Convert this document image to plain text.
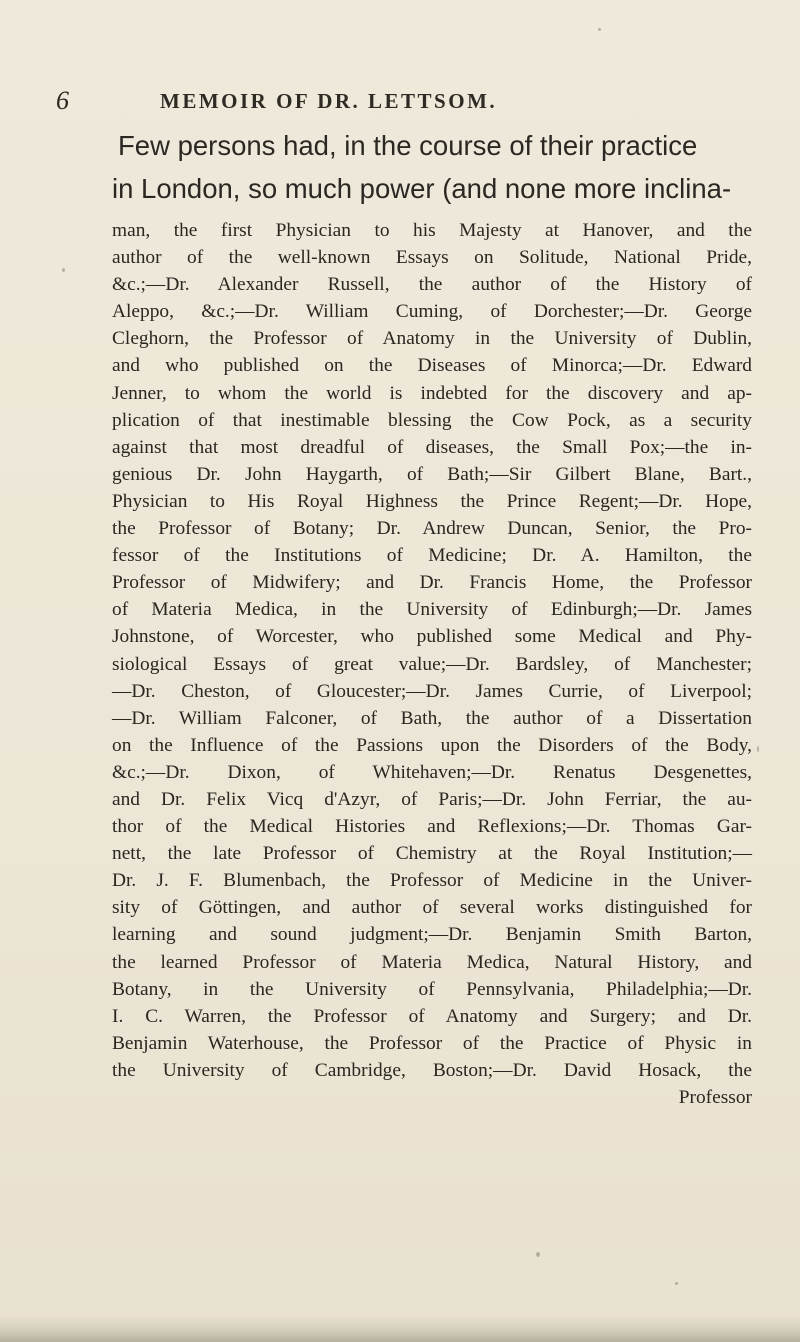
6	MEMOIR OF DR. LETTSOM.
Few persons had, in the course of their practice
in London, so much power (and none more inclina-
man, the first Physician to his Majesty at Hanover, and the
author of the well-known Essays on Solitude, National Pride,
&c.;—Dr. Alexander Russell, the author of the History of
Aleppo, &c.;—Dr. William Cuming, of Dorchester;—Dr. George
Cleghorn, the Professor of Anatomy in the University of Dublin,
and who published on the Diseases of Minorca;—Dr. Edward
Jenner, to whom the world is indebted for the discovery and ap-
plication of that inestimable blessing the Cow Pock, as a security
against that most dreadful of diseases, the Small Pox;—the in-
genious Dr. John Haygarth, of Bath;—Sir Gilbert Blane, Bart.,
Physician to His Royal Highness the Prince Regent;—Dr. Hope,
the Professor of Botany; Dr. Andrew Duncan, Senior, the Pro-
fessor of the Institutions of Medicine; Dr. A. Hamilton, the
Professor of Midwifery; and Dr. Francis Home, the Professor
of Materia Medica, in the University of Edinburgh;—Dr. James
Johnstone, of Worcester, who published some Medical and Phy-
siological Essays of great value;—Dr. Bardsley, of Manchester;
—Dr. Cheston, of Gloucester;—Dr. James Currie, of Liverpool;
—Dr. William Falconer, of Bath, the author of a Dissertation
on the Influence of the Passions upon the Disorders of the Body,
&c.;—Dr. Dixon, of Whitehaven;—Dr. Renatus Desgenettes,
and Dr. Felix Vicq d'Azyr, of Paris;—Dr. John Ferriar, the au-
thor of the Medical Histories and Reflexions;—Dr. Thomas Gar-
nett, the late Professor of Chemistry at the Royal Institution;—
Dr. J. F. Blumenbach, the Professor of Medicine in the Univer-
sity of Göttingen, and author of several works distinguished for
learning and sound judgment;—Dr. Benjamin Smith Barton,
the learned Professor of Materia Medica, Natural History, and
Botany, in the University of Pennsylvania, Philadelphia;—Dr.
I. C. Warren, the Professor of Anatomy and Surgery; and Dr.
Benjamin Waterhouse, the Professor of the Practice of Physic in
the University of Cambridge, Boston;—Dr. David Hosack, the
Professor
